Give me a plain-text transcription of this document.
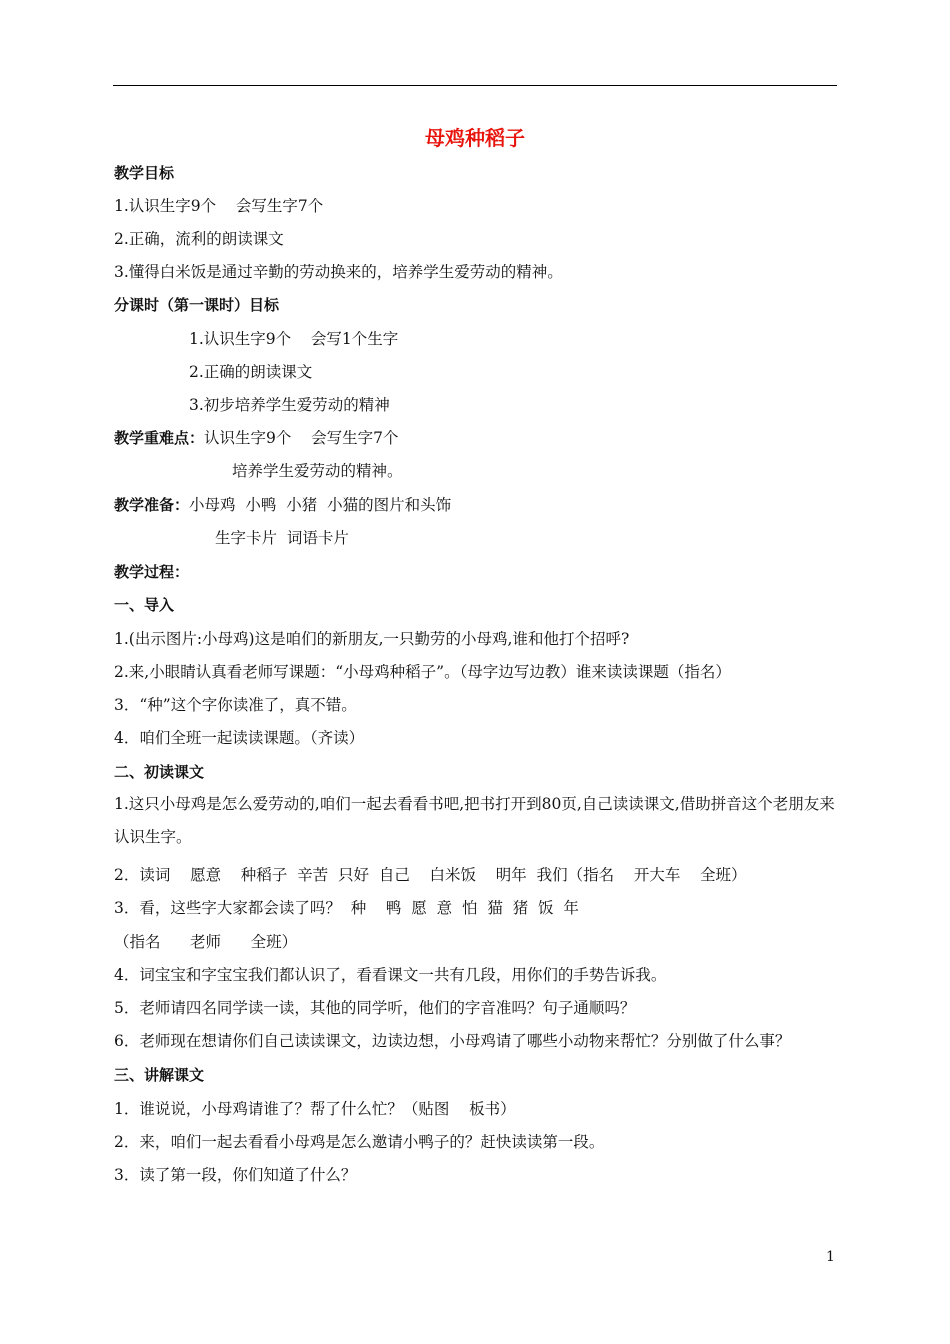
母鸡种稻子
教学目标
1.认识生字9个    会写生字7个
2.正确，流利的朗读课文
3.懂得白米饭是通过辛勤的劳动换来的，培养学生爱劳动的精神。
分课时（第一课时）目标
1.认识生字9个    会写1个生字
2.正确的朗读课文
3.初步培养学生爱劳动的精神
教学重难点：认识生字9个    会写生字7个
培养学生爱劳动的精神。
教学准备：小母鸡  小鸭  小猪  小猫的图片和头饰
生字卡片  词语卡片
教学过程：
一、导入
1.(出示图片:小母鸡)这是咱们的新朋友,一只勤劳的小母鸡,谁和他打个招呼?
2.来,小眼睛认真看老师写课题：“小母鸡种稻子”。（母字边写边教）谁来读读课题（指名）
3．“种”这个字你读准了，真不错。
4．咱们全班一起读读课题。（齐读）
二、初读课文
1.这只小母鸡是怎么爱劳动的,咱们一起去看看书吧,把书打开到80页,自己读读课文,借助拼音这个老朋友来认识生字。
2．读词    愿意    种稻子  辛苦  只好  自己    白米饭    明年  我们（指名    开大车    全班）
3．看，这些字大家都会读了吗？  种    鸭  愿  意  怕  猫  猪  饭  年
（指名      老师      全班）
4．词宝宝和字宝宝我们都认识了，看看课文一共有几段，用你们的手势告诉我。
5．老师请四名同学读一读，其他的同学听，他们的字音准吗？句子通顺吗？
6．老师现在想请你们自己读读课文，边读边想，小母鸡请了哪些小动物来帮忙？分别做了什么事？
三、讲解课文
1．谁说说，小母鸡请谁了？帮了什么忙？（贴图    板书）
2．来，咱们一起去看看小母鸡是怎么邀请小鸭子的？赶快读读第一段。
3．读了第一段，你们知道了什么？
1
